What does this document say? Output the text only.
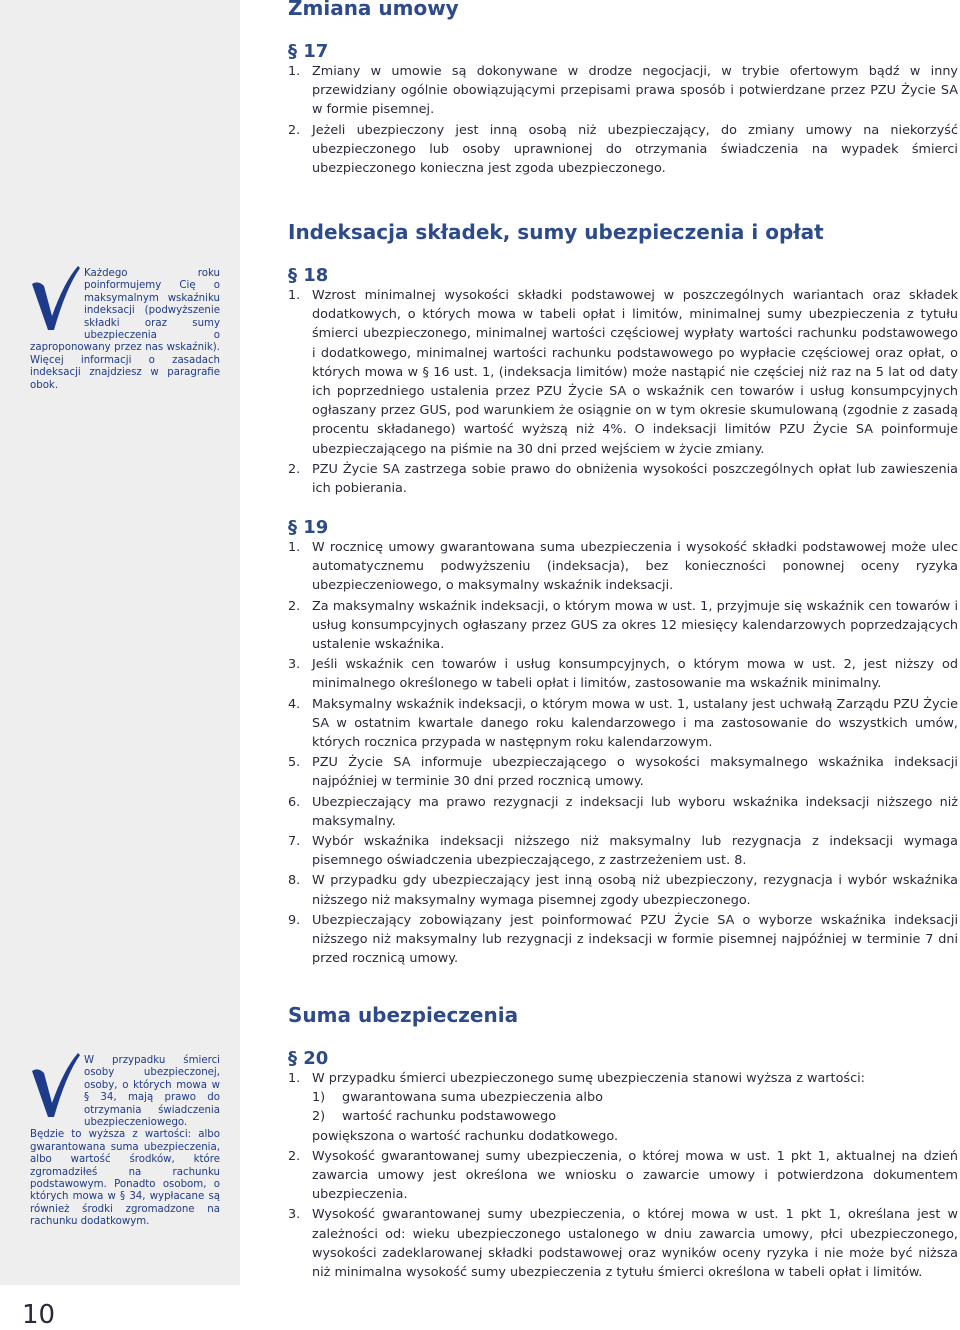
10
Każdego roku poinformujemy Cię o maksymalnym wskaźniku indeksacji (podwyższenie składki oraz sumy ubezpieczenia o zaproponowany przez nas wskaźnik). Więcej informacji o zasadach indeksacji znajdziesz w paragrafie obok.
W przypadku śmierci osoby ubezpieczonej, osoby, o których mowa w § 34, mają prawo do otrzymania świadczenia ubezpieczeniowego. Będzie to wyższa z wartości: albo gwarantowana suma ubezpieczenia, albo wartość środków, które zgromadziłeś na rachunku podstawowym. Ponadto osobom, o których mowa w § 34, wypłacane są również środki zgromadzone na rachunku dodatkowym.
Zmiana umowy
Indeksacja składek, sumy ubezpieczenia i opłat
Suma ubezpieczenia
§ 17
1. Zmiany w umowie są dokonywane w drodze negocjacji, w trybie ofertowym bądź w inny przewidziany ogólnie obowiązującymi przepisami prawa sposób i potwierdzane przez PZU Życie SA w formie pisemnej.
2. Jeżeli ubezpieczony jest inną osobą niż ubezpieczający, do zmiany umowy na niekorzyść ubezpieczonego lub osoby uprawnionej do otrzymania świadczenia na wypadek śmierci ubezpieczonego konieczna jest zgoda ubezpieczonego.
§ 18
1. Wzrost minimalnej wysokości składki podstawowej w poszczególnych wariantach oraz składek dodatkowych, o których mowa w tabeli opłat i limitów, minimalnej sumy ubezpieczenia z tytułu śmierci ubezpieczonego, minimalnej wartości częściowej wypłaty wartości rachunku podstawowego i dodatkowego, minimalnej wartości rachunku podstawowego po wypłacie częściowej oraz opłat, o których mowa w § 16 ust. 1, (indeksacja limitów) może nastąpić nie częściej niż raz na 5 lat od daty ich poprzedniego ustalenia przez PZU Życie SA o wskaźnik cen towarów i usług konsumpcyjnych ogłaszany przez GUS, pod warunkiem że osiągnie on w tym okresie skumulowaną (zgodnie z zasadą procentu składanego) wartość wyższą niż 4%. O indeksacji limitów PZU Życie SA poinformuje ubezpieczającego na piśmie na 30 dni przed wejściem w życie zmiany.
2. PZU Życie SA zastrzega sobie prawo do obniżenia wysokości poszczególnych opłat lub zawieszenia ich pobierania.
§ 19
1. W rocznicę umowy gwarantowana suma ubezpieczenia i wysokość składki podstawowej może ulec automatycznemu podwyższeniu (indeksacja), bez konieczności ponownej oceny ryzyka ubezpieczeniowego, o maksymalny wskaźnik indeksacji.
2. Za maksymalny wskaźnik indeksacji, o którym mowa w ust. 1, przyjmuje się wskaźnik cen towarów i usług konsumpcyjnych ogłaszany przez GUS za okres 12 miesięcy kalendarzowych poprzedzających ustalenie wskaźnika.
3. Jeśli wskaźnik cen towarów i usług konsumpcyjnych, o którym mowa w ust. 2, jest niższy od minimalnego określonego w tabeli opłat i limitów, zastosowanie ma wskaźnik minimalny.
4. Maksymalny wskaźnik indeksacji, o którym mowa w ust. 1, ustalany jest uchwałą Zarządu PZU Życie SA w ostatnim kwartale danego roku kalendarzowego i ma zastosowanie do wszystkich umów, których rocznica przypada w następnym roku kalendarzowym.
5. PZU Życie SA informuje ubezpieczającego o wysokości maksymalnego wskaźnika indeksacji najpóźniej w terminie 30 dni przed rocznicą umowy.
6. Ubezpieczający ma prawo rezygnacji z indeksacji lub wyboru wskaźnika indeksacji niższego niż maksymalny.
7. Wybór wskaźnika indeksacji niższego niż maksymalny lub rezygnacja z indeksacji wymaga pisemnego oświadczenia ubezpieczającego, z zastrzeżeniem ust. 8.
8. W przypadku gdy ubezpieczający jest inną osobą niż ubezpieczony, rezygnacja i wybór wskaźnika niższego niż maksymalny wymaga pisemnej zgody ubezpieczonego.
9. Ubezpieczający zobowiązany jest poinformować PZU Życie SA o wyborze wskaźnika indeksacji niższego niż maksymalny lub rezygnacji z indeksacji w formie pisemnej najpóźniej w terminie 7 dni przed rocznicą umowy.
§ 20
1. W przypadku śmierci ubezpieczonego sumę ubezpieczenia stanowi wyższa z wartości:
1)	gwarantowana suma ubezpieczenia albo
2)	wartość rachunku podstawowego
powiększona o wartość rachunku dodatkowego.
2. Wysokość gwarantowanej sumy ubezpieczenia, o której mowa w ust. 1 pkt 1, aktualnej na dzień zawarcia umowy jest określona we wniosku o zawarcie umowy i potwierdzona dokumentem ubezpieczenia.
3. Wysokość gwarantowanej sumy ubezpieczenia, o której mowa w ust. 1 pkt 1, określana jest w zależności od: wieku ubezpieczonego ustalonego w dniu zawarcia umowy, płci ubezpieczonego, wysokości zadeklarowanej składki podstawowej oraz wyników oceny ryzyka i nie może być niższa niż minimalna wysokość sumy ubezpieczenia z tytułu śmierci określona w tabeli opłat i limitów.
